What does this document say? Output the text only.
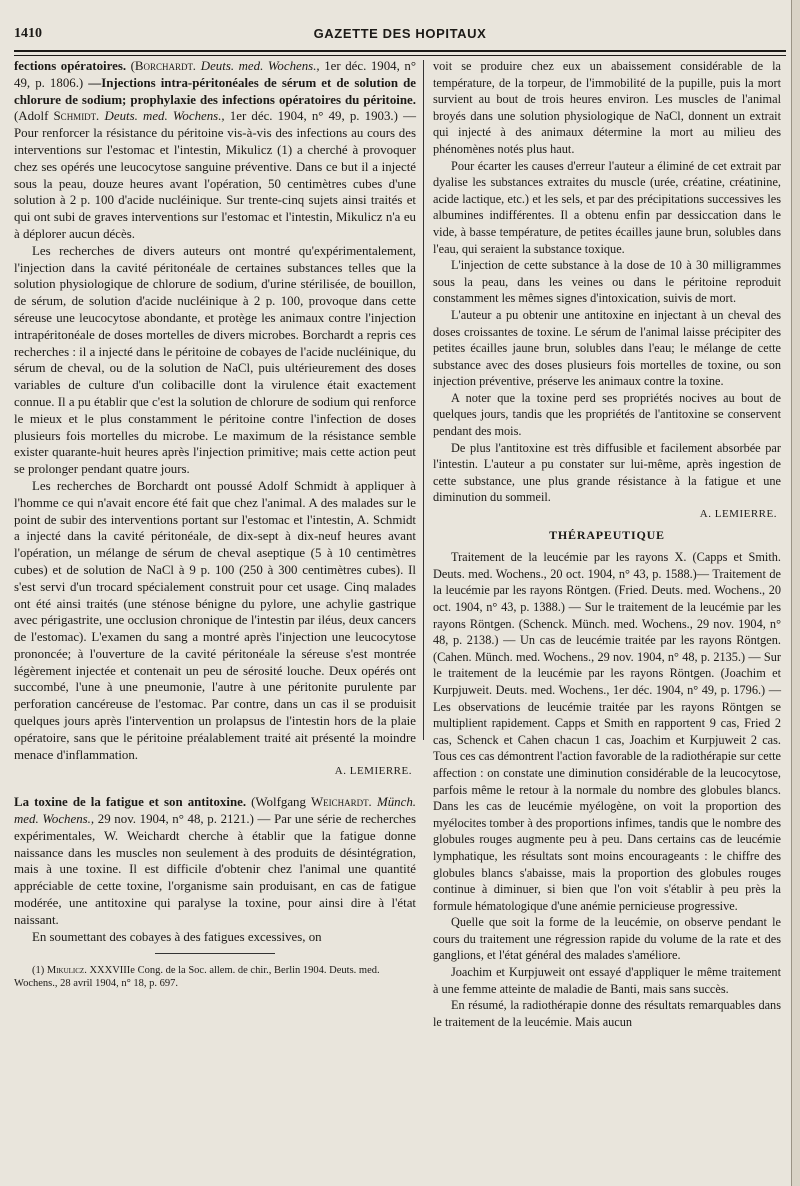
1410	GAZETTE DES HOPITAUX

fections opératoires. (Borchardt. Deuts. med. Wochens., 1er déc. 1904, n° 49, p. 1806.) —Injections intra-péritonéales de sérum et de solution de chlorure de sodium; prophylaxie des infections opératoires du péritoine. (Adolf Schmidt. Deuts. med. Wochens., 1er déc. 1904, n° 49, p. 1903.) — Pour renforcer la résistance du péritoine vis-à-vis des infections au cours des interventions sur l'estomac et l'intestin, Mikulicz (1) a cherché à provoquer chez ses opérés une leucocytose sanguine préventive. Dans ce but il a injecté sous la peau, douze heures avant l'opération, 50 centimètres cubes d'une solution à 2 p. 100 d'acide nucléinique. Sur trente-cinq sujets ainsi traités et qui ont subi de graves interventions sur l'estomac et l'intestin, Mikulicz n'a eu à déplorer aucun décès.

Les recherches de divers auteurs ont montré qu'expérimentalement, l'injection dans la cavité péritonéale de certaines substances telles que la solution physiologique de chlorure de sodium, d'urine stérilisée, de bouillon, de sérum, de solution d'acide nucléinique à 2 p. 100, provoque dans cette séreuse une leucocytose abondante, et protège les animaux contre l'injection intrapéritonéale de doses mortelles de divers microbes. Borchardt a repris ces recherches : il a injecté dans le péritoine de cobayes de l'acide nucléinique, du sérum de cheval, ou de la solution de NaCl, puis ultérieurement des doses variables de culture d'un colibacille dont la virulence était exactement connue. Il a pu établir que c'est la solution de chlorure de sodium qui renforce le mieux et le plus constamment le péritoine contre l'infection de doses plusieurs fois mortelles du microbe. Le maximum de la résistance semble exister quarante-huit heures après l'injection primitive; mais cette action peut se prolonger pendant quatre jours.

Les recherches de Borchardt ont poussé Adolf Schmidt à appliquer à l'homme ce qui n'avait encore été fait que chez l'animal. A des malades sur le point de subir des interventions portant sur l'estomac et l'intestin, A. Schmidt a injecté dans la cavité péritonéale, de dix-sept à dix-neuf heures avant l'opération, un mélange de sérum de cheval aseptique (5 à 10 centimètres cubes) et de solution de NaCl à 9 p. 100 (250 à 300 centimètres cubes). Il s'est servi d'un trocard spécialement construit pour cet usage. Cinq malades ont été ainsi traités (une sténose bénigne du pylore, une achylie gastrique avec périgastrite, une occlusion chronique de l'intestin par iléus, deux cancers de l'estomac). L'examen du sang a montré après l'injection une leucocytose prononcée; à l'ouverture de la cavité péritonéale la séreuse s'est montrée légèrement injectée et contenait un peu de sérosité louche. Deux opérés ont succombé, l'une à une pneumonie, l'autre à une péritonite purulente par perforation cancéreuse de l'estomac. Par contre, dans un cas il se produisit quelques jours après l'intervention un prolapsus de l'intestin hors de la plaie opératoire, sans que le péritoine préalablement traité ait présenté la moindre menace d'inflammation.

A. LEMIERRE.

La toxine de la fatigue et son antitoxine. (Wolfgang Weichardt. Münch. med. Wochens., 29 nov. 1904, n° 48, p. 2121.) — Par une série de recherches expérimentales, W. Weichardt cherche à établir que la fatigue donne naissance dans les muscles non seulement à des produits de désintégration, mais à une toxine. Il est difficile d'obtenir chez l'animal une quantité appréciable de cette toxine, l'organisme sain produisant, en cas de fatigue modérée, une antitoxine qui paralyse la toxine, pour ainsi dire à l'état naissant.

En soumettant des cobayes à des fatigues excessives, on

(1) Mikulicz. XXXVIIIe Cong. de la Soc. allem. de chir., Berlin 1904. Deuts. med. Wochens., 28 avril 1904, n° 18, p. 697.

voit se produire chez eux un abaissement considérable de la température, de la torpeur, de l'immobilité de la pupille, puis la mort survient au bout de trois heures environ. Les muscles de l'animal broyés dans une solution physiologique de NaCl, donnent un extrait qui injecté à des animaux détermine la mort au milieu des phénomènes notés plus haut.

Pour écarter les causes d'erreur l'auteur a éliminé de cet extrait par dyalise les substances extraites du muscle (urée, créatine, créatinine, acide lactique, etc.) et les sels, et par des précipitations successives les albumines indifférentes. Il a obtenu enfin par dessiccation dans le vide, à basse température, de petites écailles jaune brun, solubles dans l'eau, qui seraient la substance toxique.

L'injection de cette substance à la dose de 10 à 30 milligrammes sous la peau, dans les veines ou dans le péritoine reproduit constamment les mêmes signes d'intoxication, suivis de mort.

L'auteur a pu obtenir une antitoxine en injectant à un cheval des doses croissantes de toxine. Le sérum de l'animal laisse précipiter des petites écailles jaune brun, solubles dans l'eau; le mélange de cette substance avec des doses plusieurs fois mortelles de toxine, ou son injection préventive, préserve les animaux contre la toxine.

A noter que la toxine perd ses propriétés nocives au bout de quelques jours, tandis que les propriétés de l'antitoxine se conservent pendant des mois.

De plus l'antitoxine est très diffusible et facilement absorbée par l'intestin. L'auteur a pu constater sur lui-même, après ingestion de cette substance, une plus grande résistance à la fatigue et une diminution du sommeil.

A. LEMIERRE.
THÉRAPEUTIQUE

Traitement de la leucémie par les rayons X. (Capps et Smith. Deuts. med. Wochens., 20 oct. 1904, n° 43, p. 1588.)— Traitement de la leucémie par les rayons Röntgen. (Fried. Deuts. med. Wochens., 20 oct. 1904, n° 43, p. 1388.) — Sur le traitement de la leucémie par les rayons Röntgen. (Schenck. Münch. med. Wochens., 29 nov. 1904, n° 48, p. 2138.) — Un cas de leucémie traitée par les rayons Röntgen. (Cahen. Münch. med. Wochens., 29 nov. 1904, n° 48, p. 2135.) — Sur le traitement de la leucémie par les rayons Röntgen. (Joachim et Kurpjuweit. Deuts. med. Wochens., 1er déc. 1904, n° 49, p. 1796.) — Les observations de leucémie traitée par les rayons Röntgen se multiplient rapidement. Capps et Smith en rapportent 9 cas, Fried 2 cas, Schenck et Cahen chacun 1 cas, Joachim et Kurpjuweit 2 cas. Tous ces cas démontrent l'action favorable de la radiothérapie sur cette affection : on constate une diminution considérable de la leucocytose, parfois même le retour à la normale du nombre des globules blancs. Dans les cas de leucémie myélogène, on voit la proportion des myélocites tomber à des proportions infimes, tandis que le nombre des globules rouges augmente peu à peu. Dans certains cas de leucémie lymphatique, les résultats sont moins encourageants : le chiffre des globules blancs s'abaisse, mais la proportion des globules rouges continue à diminuer, si bien que l'on voit s'établir à peu près la formule hématologique d'une anémie pernicieuse progressive.

Quelle que soit la forme de la leucémie, on observe pendant le cours du traitement une régression rapide du volume de la rate et des ganglions, et l'état général des malades s'améliore.

Joachim et Kurpjuweit ont essayé d'appliquer le même traitement à une femme atteinte de maladie de Banti, mais sans succès.

En résumé, la radiothérapie donne des résultats remarquables dans le traitement de la leucémie. Mais aucun
